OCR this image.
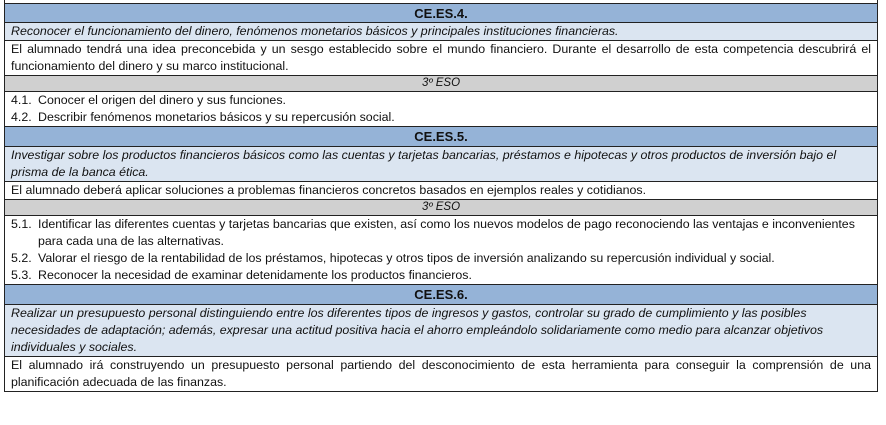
CE.ES.4.
Reconocer el funcionamiento del dinero, fenómenos monetarios básicos y principales instituciones financieras.
El alumnado tendrá una idea preconcebida y un sesgo establecido sobre el mundo financiero. Durante el desarrollo de esta competencia descubrirá el funcionamiento del dinero y su marco institucional.
3º ESO
4.1. Conocer el origen del dinero y sus funciones.
4.2. Describir fenómenos monetarios básicos y su repercusión social.
CE.ES.5.
Investigar sobre los productos financieros básicos como las cuentas y tarjetas bancarias, préstamos e hipotecas y otros productos de inversión bajo el prisma de la banca ética.
El alumnado deberá aplicar soluciones a problemas financieros concretos basados en ejemplos reales y cotidianos.
3º ESO
5.1. Identificar las diferentes cuentas y tarjetas bancarias que existen, así como los nuevos modelos de pago reconociendo las ventajas e inconvenientes para cada una de las alternativas.
5.2. Valorar el riesgo de la rentabilidad de los préstamos, hipotecas y otros tipos de inversión analizando su repercusión individual y social.
5.3. Reconocer la necesidad de examinar detenidamente los productos financieros.
CE.ES.6.
Realizar un presupuesto personal distinguiendo entre los diferentes tipos de ingresos y gastos, controlar su grado de cumplimiento y las posibles necesidades de adaptación; además, expresar una actitud positiva hacia el ahorro empleándolo solidariamente como medio para alcanzar objetivos individuales y sociales.
El alumnado irá construyendo un presupuesto personal partiendo del desconocimiento de esta herramienta para conseguir la comprensión de una planificación adecuada de las finanzas.
